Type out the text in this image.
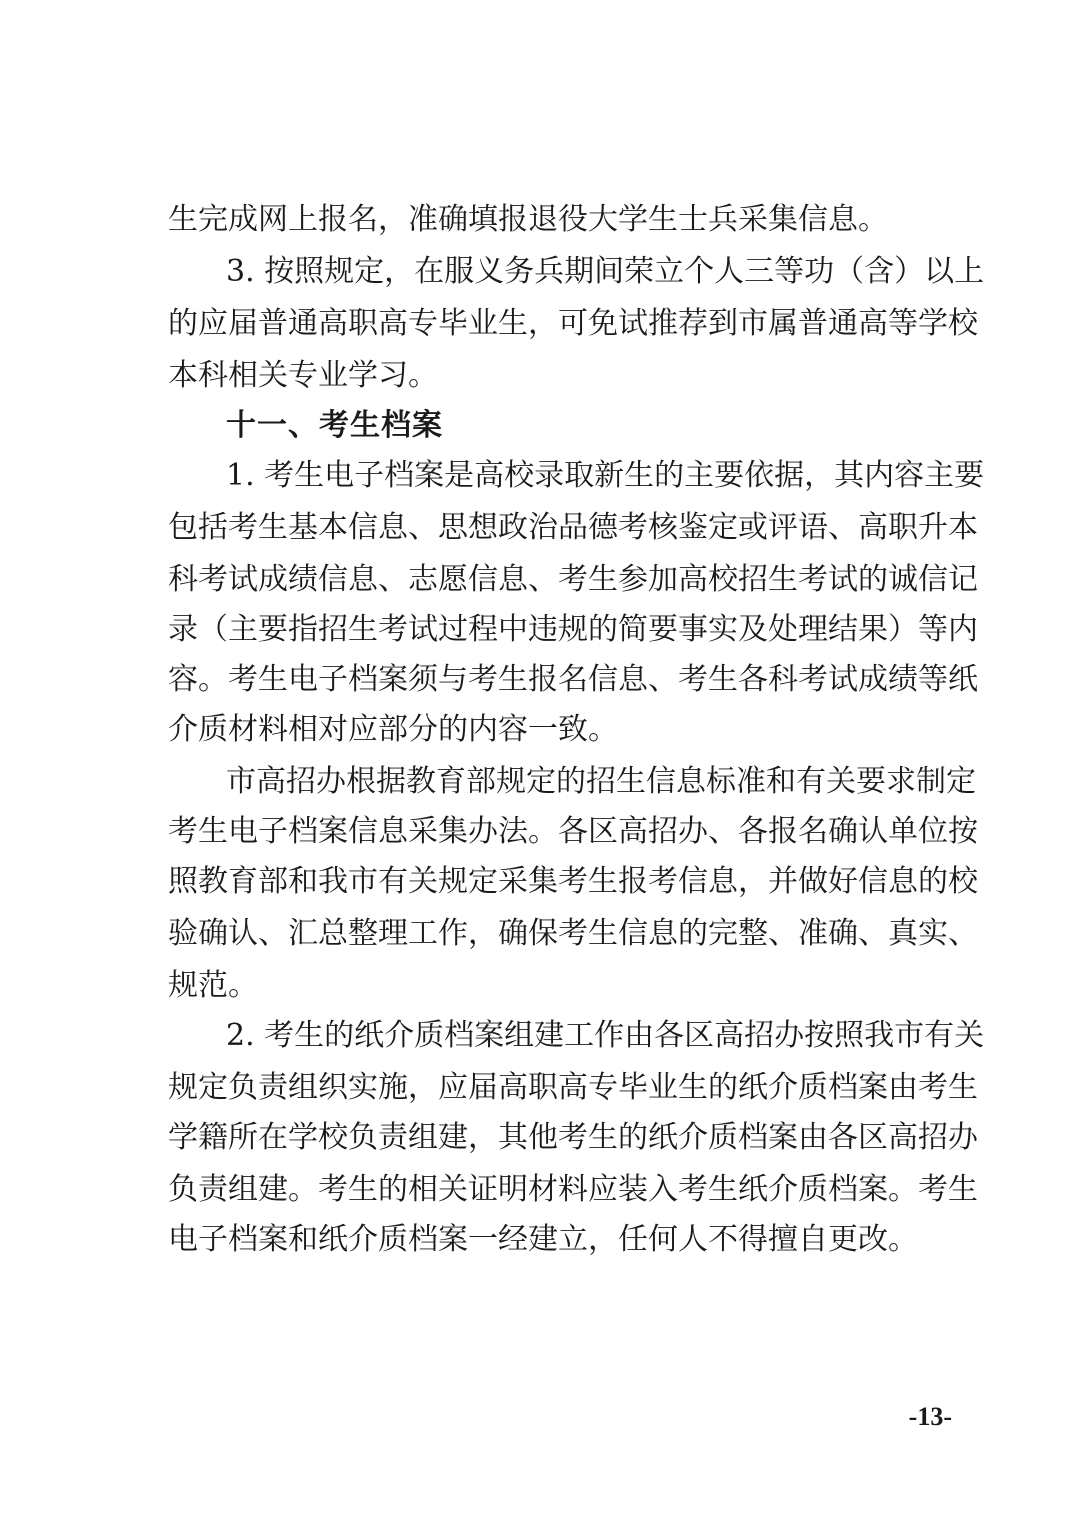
生完成网上报名，准确填报退役大学生士兵采集信息。
3. 按照规定，在服义务兵期间荣立个人三等功（含）以上
的应届普通高职高专毕业生，可免试推荐到市属普通高等学校
本科相关专业学习。
十一、考生档案
1. 考生电子档案是高校录取新生的主要依据，其内容主要
包括考生基本信息、思想政治品德考核鉴定或评语、高职升本
科考试成绩信息、志愿信息、考生参加高校招生考试的诚信记
录（主要指招生考试过程中违规的简要事实及处理结果）等内
容。考生电子档案须与考生报名信息、考生各科考试成绩等纸
介质材料相对应部分的内容一致。
市高招办根据教育部规定的招生信息标准和有关要求制定
考生电子档案信息采集办法。各区高招办、各报名确认单位按
照教育部和我市有关规定采集考生报考信息，并做好信息的校
验确认、汇总整理工作，确保考生信息的完整、准确、真实、
规范。
2. 考生的纸介质档案组建工作由各区高招办按照我市有关
规定负责组织实施，应届高职高专毕业生的纸介质档案由考生
学籍所在学校负责组建，其他考生的纸介质档案由各区高招办
负责组建。考生的相关证明材料应装入考生纸介质档案。考生
电子档案和纸介质档案一经建立，任何人不得擅自更改。
-13-
